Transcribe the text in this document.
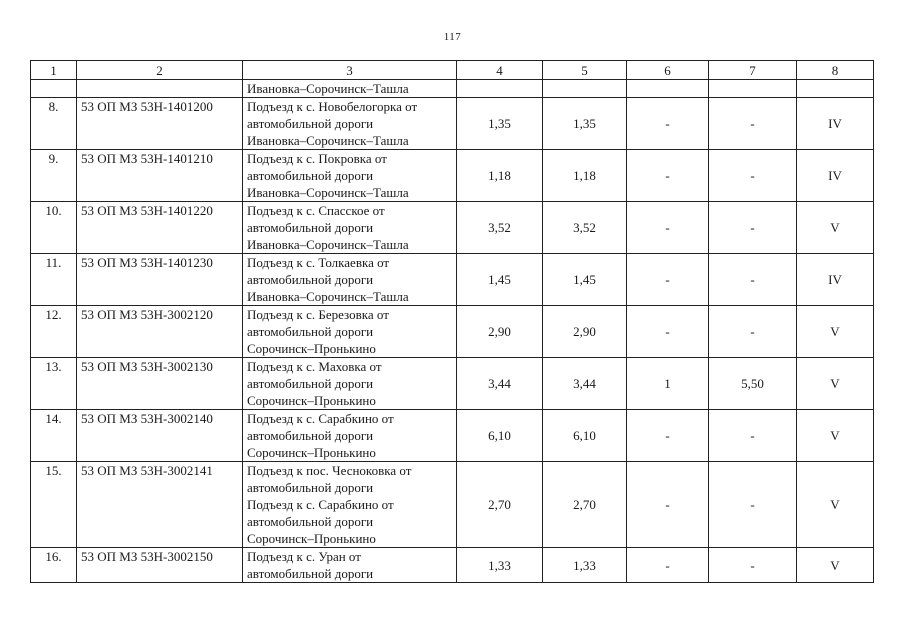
117
1	2	3	4	5	6	7	8

		Ивановка–Сорочинск–Ташла					

8.	53 ОП МЗ 53Н-1401200	Подъезд к с. Новобелогорка от
автомобильной дороги
Ивановка–Сорочинск–Ташла	1,35	1,35	-	-	IV
9.	53 ОП МЗ 53Н-1401210	Подъезд к с. Покровка от
автомобильной дороги
Ивановка–Сорочинск–Ташла	1,18	1,18	-	-	IV
10.	53 ОП МЗ 53Н-1401220	Подъезд к с. Спасское от
автомобильной дороги
Ивановка–Сорочинск–Ташла	3,52	3,52	-	-	V
11.	53 ОП МЗ 53Н-1401230	Подъезд к с. Толкаевка от
автомобильной дороги
Ивановка–Сорочинск–Ташла	1,45	1,45	-	-	IV
12.	53 ОП МЗ 53Н-3002120	Подъезд к с. Березовка от
автомобильной дороги
Сорочинск–Пронькино	2,90	2,90	-	-	V
13.	53 ОП МЗ 53Н-3002130	Подъезд к с. Маховка от
автомобильной дороги
Сорочинск–Пронькино	3,44	3,44	1	5,50	V
14.	53 ОП МЗ 53Н-3002140	Подъезд к с. Сарабкино от
автомобильной дороги
Сорочинск–Пронькино	6,10	6,10	-	-	V
15.	53 ОП МЗ 53Н-3002141	Подъезд к пос. Чесноковка от
автомобильной дороги
Подъезд к с. Сарабкино от
автомобильной дороги
Сорочинск–Пронькино	2,70	2,70	-	-	V
16.	53 ОП МЗ 53Н-3002150	Подъезд к с. Уран от
автомобильной дороги	1,33	1,33	-	-	V
